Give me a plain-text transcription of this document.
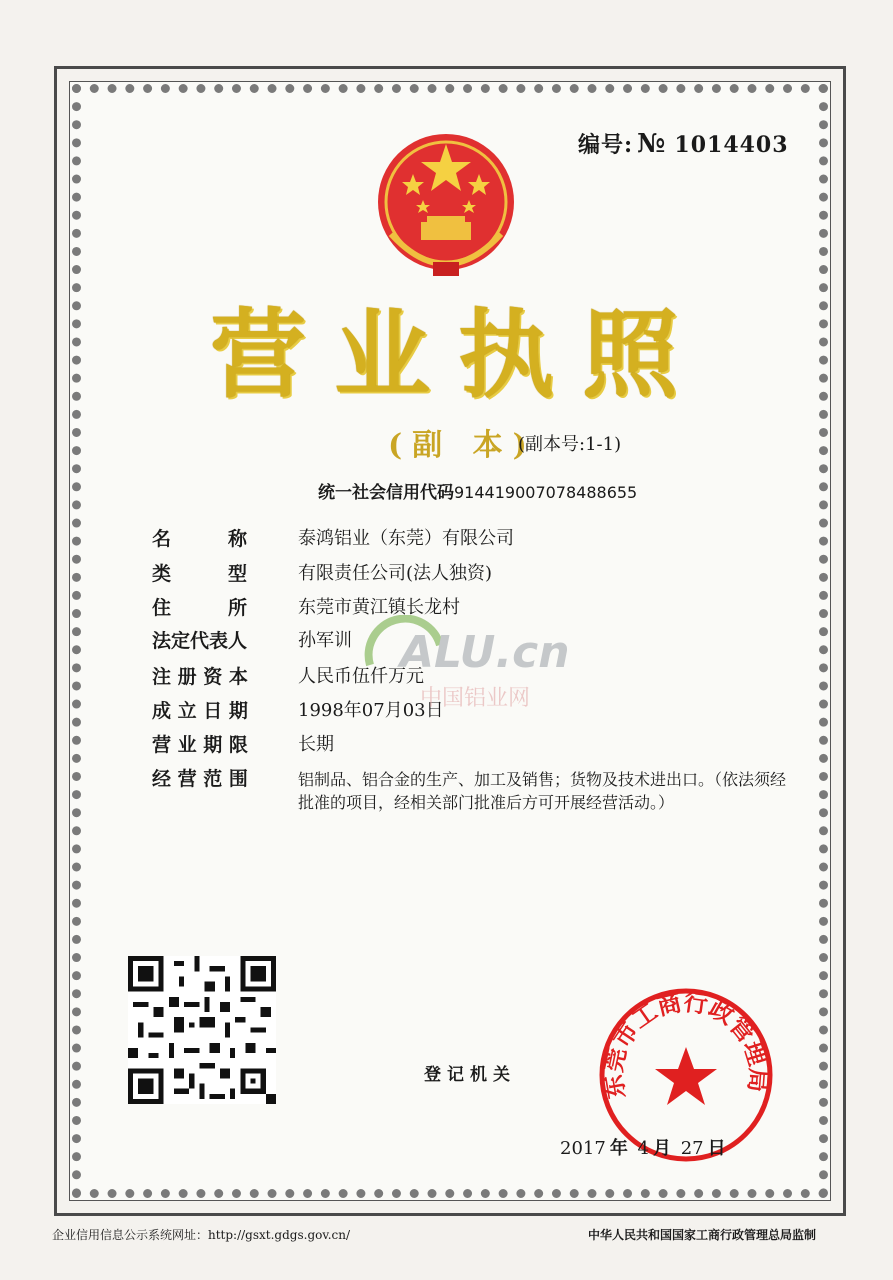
编号: № 1014403
营业执照
(副 本)
(副本号:1-1)
统一社会信用代码91441900707848865​5
名　　　称	泰鸿铝业（东莞）有限公司
类　　　型	有限责任公司(法人独资)
住　　　所	东莞市黄江镇长龙村
法定代表人	孙军训
注 册 资 本	人民币伍仟万元
成 立 日 期	1998年07月03日
营 业 期 限	长期
经 营 范 围	铝制品、铝合金的生产、加工及销售；货物及技术进出口。（依法须经批准的项目，经相关部门批准后方可开展经营活动。）
ALU.cn
中国铝业网
登记机关	东莞市工商行政管理局
2017 年 4 月 27 日
企业信用信息公示系统网址：http://gsxt.gdgs.gov.cn/	中华人民共和国国家工商行政管理总局监制
